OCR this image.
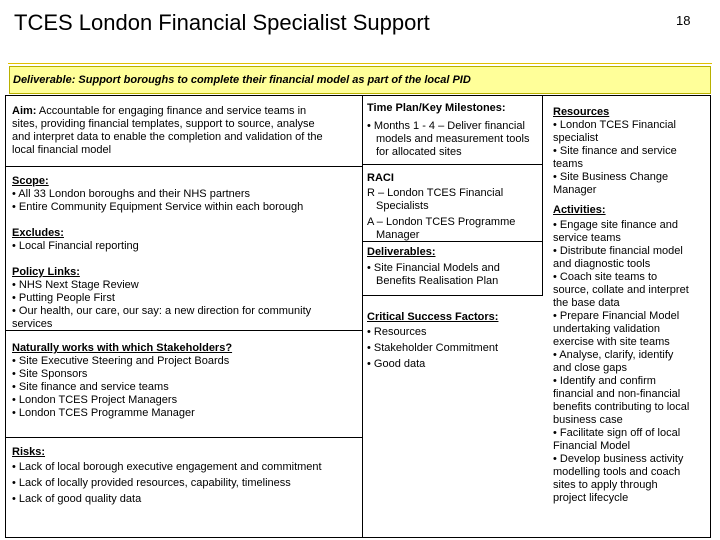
TCES London Financial Specialist Support	18
Deliverable: Support boroughs to complete their financial model as part of the local PID
Aim: Accountable for engaging finance and service teams in
sites, providing financial templates, support to source, analyse
and interpret data to enable the completion and validation of the
local financial model
Scope:
• All 33 London boroughs and their NHS partners
• Entire Community Equipment Service within each borough
Excludes:
• Local Financial reporting
Policy Links:
• NHS Next Stage Review
• Putting People First
• Our health, our care, our say: a new direction for community
services
Naturally works with which Stakeholders?
• Site Executive Steering and Project Boards
• Site Sponsors
• Site finance and service teams
• London TCES Project Managers
• London TCES Programme Manager
Risks:
• Lack of local borough executive engagement and commitment
• Lack of locally provided resources, capability, timeliness
• Lack of good quality data
Time Plan/Key Milestones:
• Months 1 - 4 – Deliver financial
models and measurement tools
for allocated sites
RACI
R – London TCES Financial
Specialists
A – London TCES Programme
Manager
Deliverables:
• Site Financial Models and
Benefits Realisation Plan
Critical Success Factors:
• Resources
• Stakeholder Commitment
• Good data
Resources
• London TCES Financial
specialist
• Site finance and service
teams
• Site Business Change
Manager
Activities:
• Engage site finance and
service teams
• Distribute financial model
and diagnostic tools
• Coach site teams to
source, collate and interpret
the base data
• Prepare Financial Model
undertaking validation
exercise with site teams
• Analyse, clarify, identify
and close gaps
• Identify and confirm
financial and non-financial
benefits contributing to local
business case
• Facilitate sign off of local
Financial Model
• Develop business activity
modelling tools and coach
sites to apply through
project lifecycle
